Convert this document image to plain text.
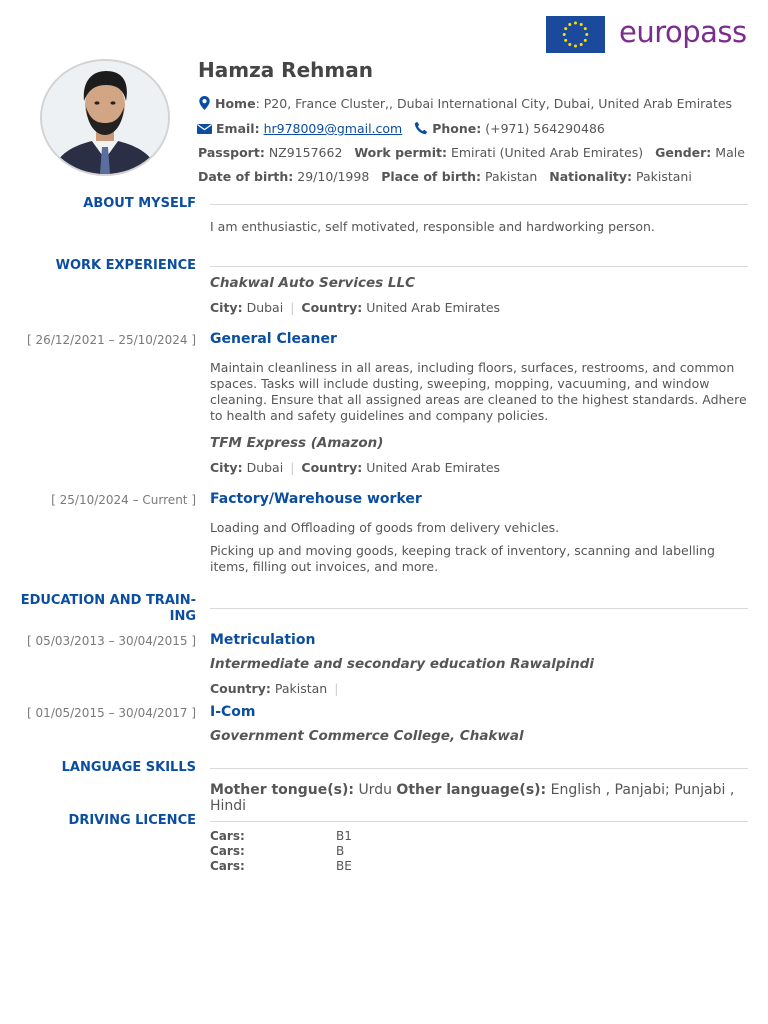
europass
Hamza Rehman
Home: P20, France Cluster,, Dubai International City, Dubai, United Arab Emirates
Email: hr978009@gmail.com Phone: (+971) 564290486
Passport: NZ9157662 Work permit: Emirati (United Arab Emirates) Gender: Male
Date of birth: 29/10/1998 Place of birth: Pakistan Nationality: Pakistani
ABOUT MYSELF
I am enthusiastic, self motivated, responsible and hardworking person.
WORK EXPERIENCE
Chakwal Auto Services LLC
City: Dubai | Country: United Arab Emirates
[ 26/12/2021 – 25/10/2024 ] General Cleaner
Maintain cleanliness in all areas, including floors, surfaces, restrooms, and common spaces. Tasks will include dusting, sweeping, mopping, vacuuming, and window cleaning. Ensure that all assigned areas are cleaned to the highest standards. Adhere to health and safety guidelines and company policies.
TFM Express (Amazon)
City: Dubai | Country: United Arab Emirates
[ 25/10/2024 – Current ] Factory/Warehouse worker
Loading and Offloading of goods from delivery vehicles.
Picking up and moving goods, keeping track of inventory, scanning and labelling items, filling out invoices, and more.
EDUCATION AND TRAIN-
ING
[ 05/03/2013 – 30/04/2015 ] Metriculation
Intermediate and secondary education Rawalpindi
Country: Pakistan |
[ 01/05/2015 – 30/04/2017 ] I-Com
Government Commerce College, Chakwal
LANGUAGE SKILLS
Mother tongue(s): Urdu Other language(s): English , Panjabi; Punjabi , Hindi
DRIVING LICENCE
Cars:	B1
Cars:	B
Cars:	BE
